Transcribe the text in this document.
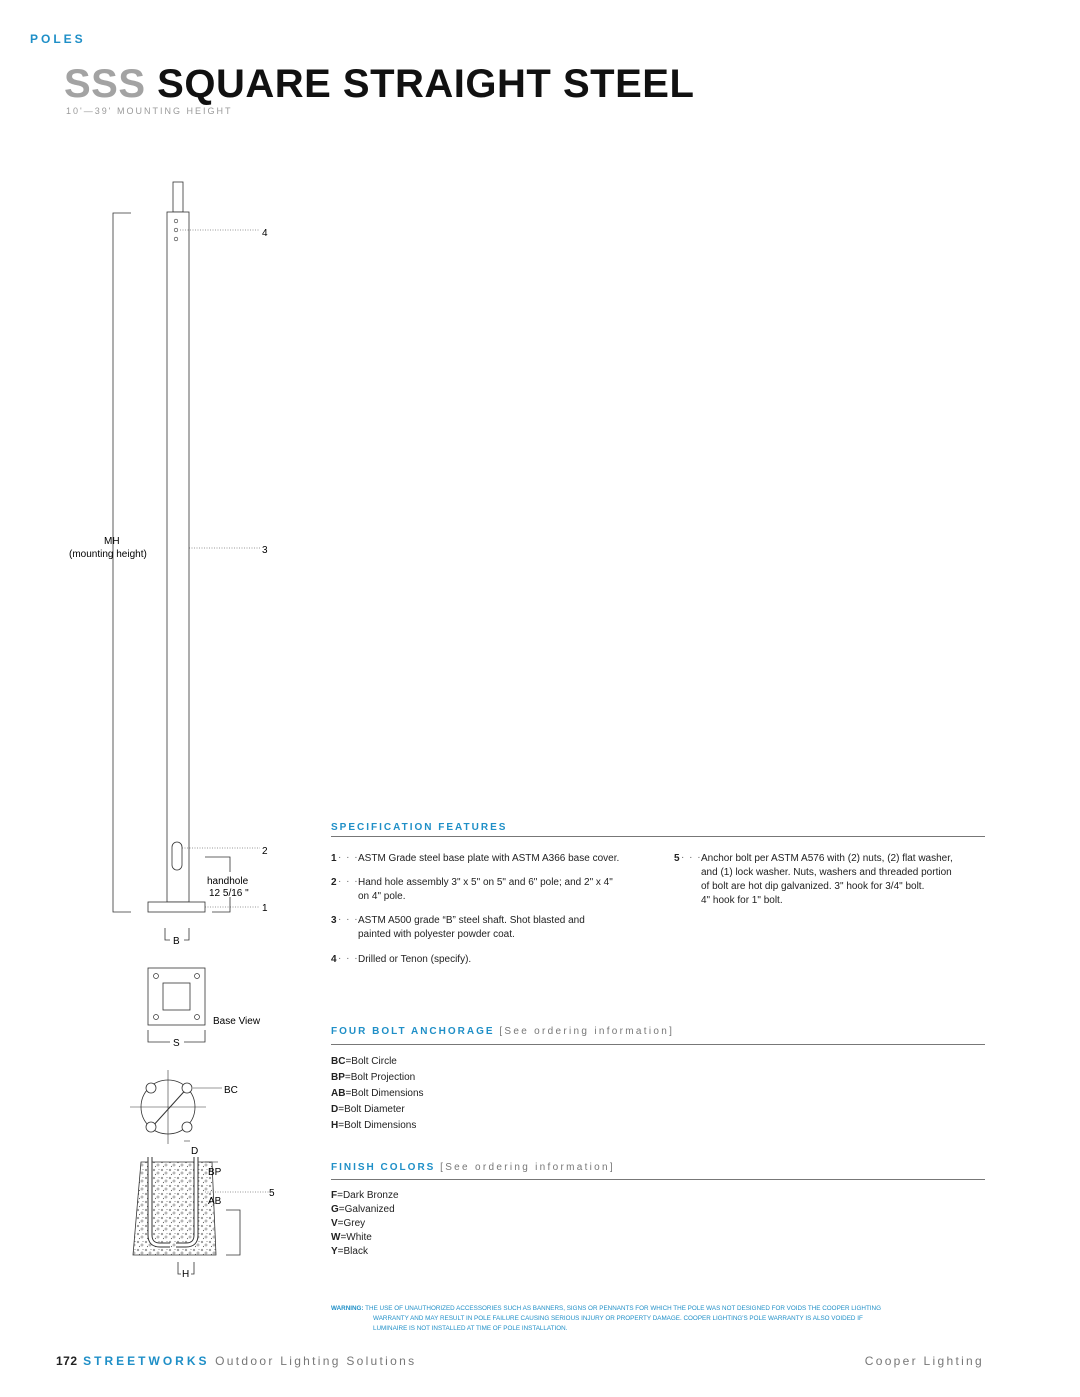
POLES
SSS SQUARE STRAIGHT STEEL
10'—39' MOUNTING HEIGHT
4
3
2
1
5
MH
(mounting height)
handhole
12 5/16 "
B
Base View
S
BC
D
BP
AB
H
SPECIFICATION FEATURES
1 · · · ASTM Grade steel base plate with ASTM A366 base cover.
2 · · · Hand hole assembly 3" x 5" on 5" and 6" pole; and 2" x 4"
on 4" pole.
3 · · · ASTM A500 grade “B” steel shaft. Shot blasted and
painted with polyester powder coat.
4 · · · Drilled or Tenon (specify).
5 · · · Anchor bolt per ASTM A576 with (2) nuts, (2) flat washer,
and (1) lock washer. Nuts, washers and threaded portion
of bolt are hot dip galvanized. 3" hook for 3/4" bolt.
4" hook for 1" bolt.
FOUR BOLT ANCHORAGE [See ordering information]
BC=Bolt Circle
BP=Bolt Projection
AB=Bolt Dimensions
D=Bolt Diameter
H=Bolt Dimensions
FINISH COLORS [See ordering information]
F=Dark Bronze
G=Galvanized
V=Grey
W=White
Y=Black
WARNING: THE USE OF UNAUTHORIZED ACCESSORIES SUCH AS BANNERS, SIGNS OR PENNANTS FOR WHICH THE POLE WAS NOT DESIGNED FOR VOIDS THE COOPER LIGHTING
WARRANTY AND MAY RESULT IN POLE FAILURE CAUSING SERIOUS INJURY OR PROPERTY DAMAGE. COOPER LIGHTING'S POLE WARRANTY IS ALSO VOIDED IF
LUMINAIRE IS NOT INSTALLED AT TIME OF POLE INSTALLATION.
172 STREETWORKS Outdoor Lighting Solutions	Cooper Lighting
